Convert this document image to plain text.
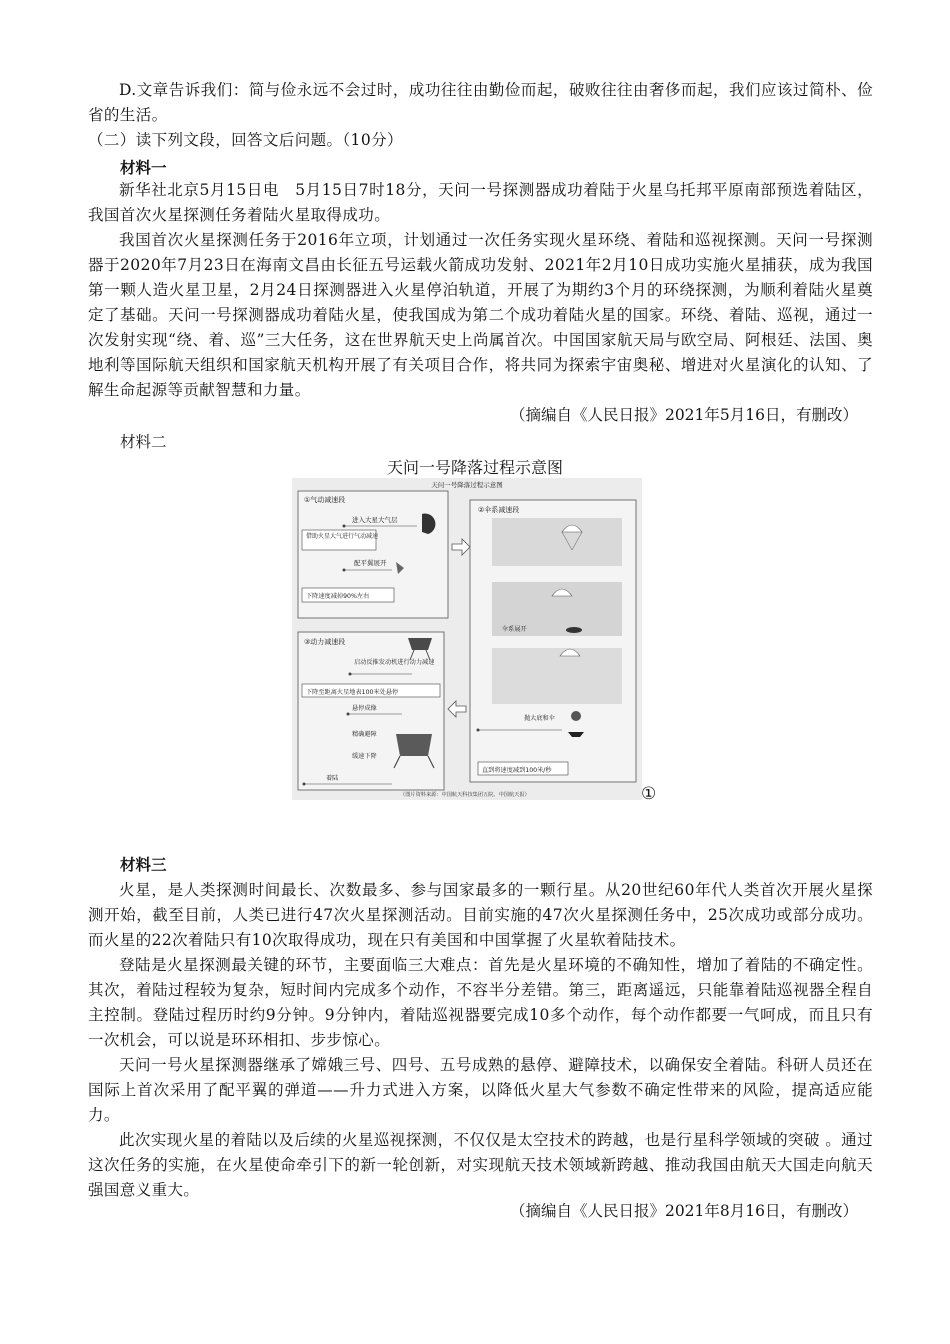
D.文章告诉我们：简与俭永远不会过时，成功往往由勤俭而起，破败往往由奢侈而起，我们应该过简朴、俭省的生活。

（二）读下列文段，回答文后问题。（10分）

材料一

新华社北京5月15日电　5月15日7时18分，天问一号探测器成功着陆于火星乌托邦平原南部预选着陆区，我国首次火星探测任务着陆火星取得成功。

我国首次火星探测任务于2016年立项，计划通过一次任务实现火星环绕、着陆和巡视探测。天问一号探测器于2020年7月23日在海南文昌由长征五号运载火箭成功发射、2021年2月10日成功实施火星捕获，成为我国第一颗人造火星卫星，2月24日探测器进入火星停泊轨道，开展了为期约3个月的环绕探测，为顺利着陆火星奠定了基础。天问一号探测器成功着陆火星，使我国成为第二个成功着陆火星的国家。环绕、着陆、巡视，通过一次发射实现“绕、着、巡”三大任务，这在世界航天史上尚属首次。中国国家航天局与欧空局、阿根廷、法国、奥地利等国际航天组织和国家航天机构开展了有关项目合作，将共同为探索宇宙奥秘、增进对火星演化的认知、了解生命起源等贡献智慧和力量。

（摘编自《人民日报》2021年5月16日，有删改）
材料二
天问一号降落过程示意图
天问一号降落过程示意图
①气动减速段
进入大星大气层
借助火星大气进行气动减速
配平翼展开
下降速度减掉90%左右
②伞系减速段
伞系展开
抛大底和伞
直到将速度减到100米/秒
③动力减速段
启动反推发动机进行动力减速
下降至距离火星地表100米处悬停
悬停成像
精确避障
缓速下降
着陆
（图片资料来源：中国航天科技集团五院、中国航天报）	①
材料三

火星，是人类探测时间最长、次数最多、参与国家最多的一颗行星。从20世纪60年代人类首次开展火星探测开始，截至目前，人类已进行47次火星探测活动。目前实施的47次火星探测任务中，25次成功或部分成功。而火星的22次着陆只有10次取得成功，现在只有美国和中国掌握了火星软着陆技术。

登陆是火星探测最关键的环节，主要面临三大难点：首先是火星环境的不确知性，增加了着陆的不确定性。其次，着陆过程较为复杂，短时间内完成多个动作，不容半分差错。第三，距离遥远，只能靠着陆巡视器全程自主控制。登陆过程历时约9分钟。9分钟内，着陆巡视器要完成10多个动作，每个动作都要一气呵成，而且只有一次机会，可以说是环环相扣、步步惊心。

天问一号火星探测器继承了嫦娥三号、四号、五号成熟的悬停、避障技术，以确保安全着陆。科研人员还在国际上首次采用了配平翼的弹道——升力式进入方案，以降低火星大气参数不确定性带来的风险，提高适应能力。

此次实现火星的着陆以及后续的火星巡视探测，不仅仅是太空技术的跨越，也是行星科学领域的突破 。通过这次任务的实施，在火星使命牵引下的新一轮创新，对实现航天技术领域新跨越、推动我国由航天大国走向航天强国意义重大。

（摘编自《人民日报》2021年8月16日，有删改）
